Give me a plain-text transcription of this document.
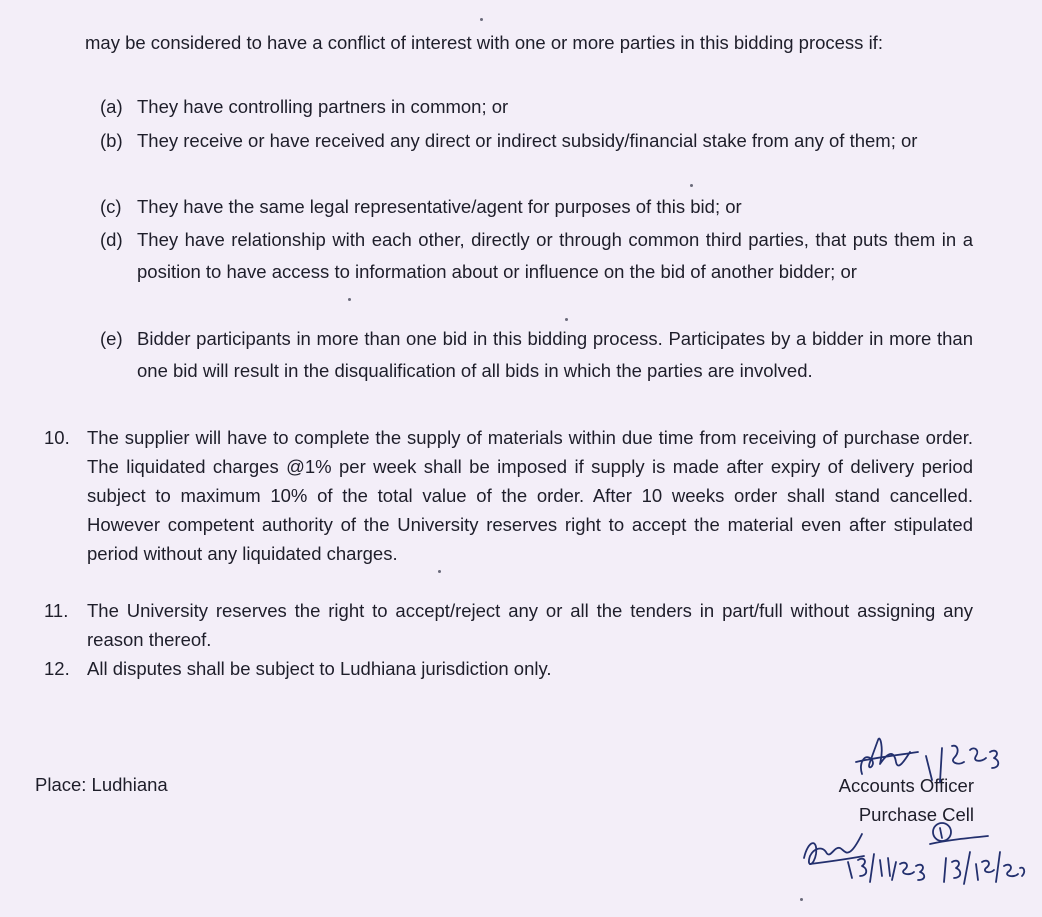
may be considered to have a conflict of interest with one or more parties in this bidding process if:
(a) They have controlling partners in common; or
(b) They receive or have received any direct or indirect subsidy/financial stake from any of them; or
(c) They have the same legal representative/agent for purposes of this bid; or
(d) They have relationship with each other, directly or through common third parties, that puts them in a position to have access to information about or influence on the bid of another bidder; or
(e) Bidder participants in more than one bid in this bidding process. Participates by a bidder in more than one bid will result in the disqualification of all bids in which the parties are involved.
10. The supplier will have to complete the supply of materials within due time from receiving of purchase order. The liquidated charges @1% per week shall be imposed if supply is made after expiry of delivery period subject to maximum 10% of the total value of the order. After 10 weeks order shall stand cancelled. However competent authority of the University reserves right to accept the material even after stipulated period without any liquidated charges.
11.	The University reserves the right to accept/reject any or all the tenders in part/full without assigning any reason thereof.
12. All disputes shall be subject to Ludhiana jurisdiction only.
Place: Ludhiana	Accounts Officer
Purchase Cell
